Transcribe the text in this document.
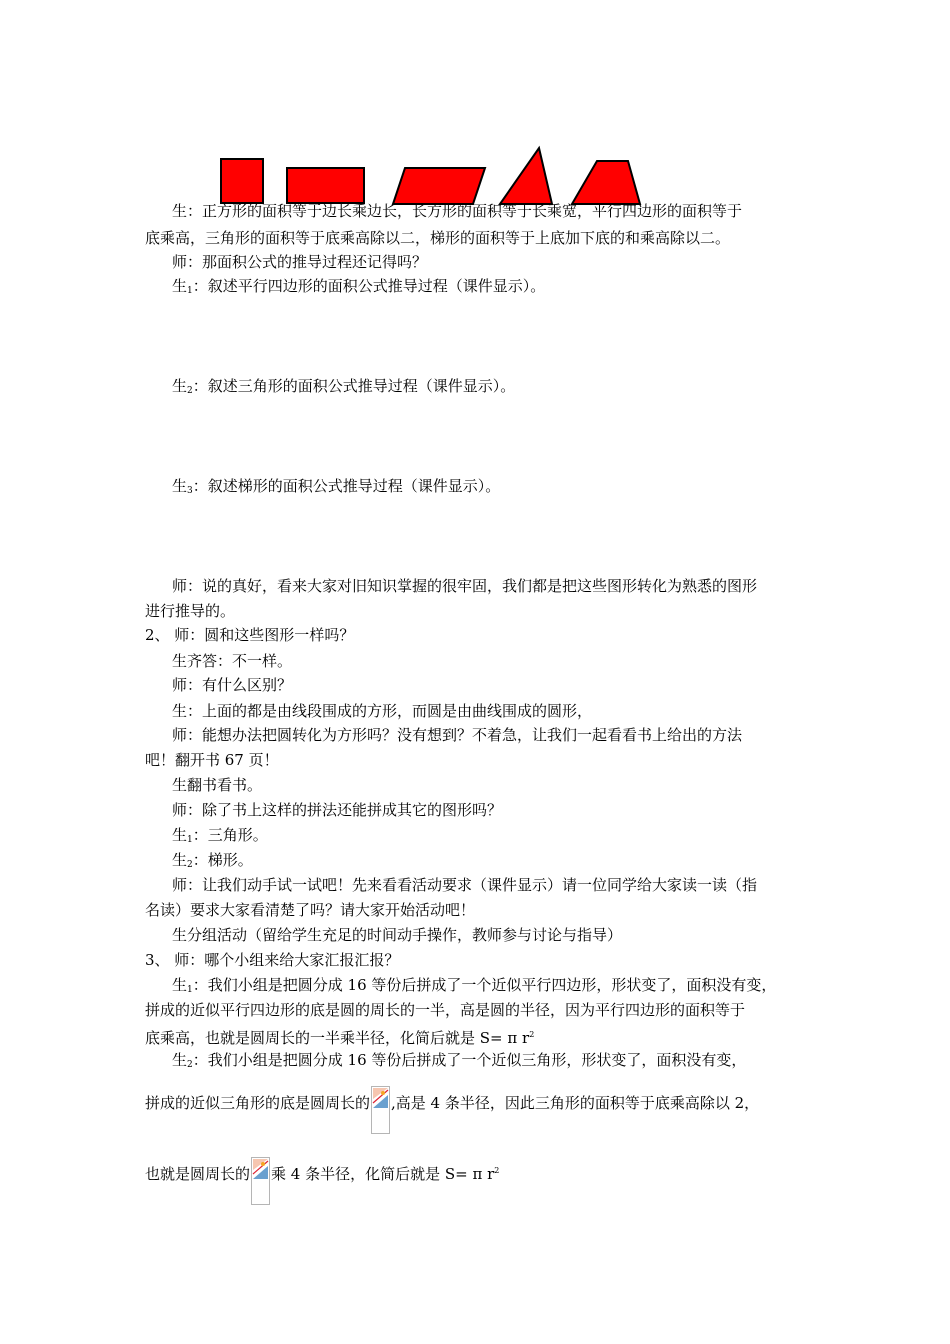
生：正方形的面积等于边长乘边长，长方形的面积等于长乘宽，平行四边形的面积等于
底乘高，三角形的面积等于底乘高除以二，梯形的面积等于上底加下底的和乘高除以二。
师：那面积公式的推导过程还记得吗？
生$_1$：叙述平行四边形的面积公式推导过程（课件显示）。
生$_2$：叙述三角形的面积公式推导过程（课件显示）。
生$_3$：叙述梯形的面积公式推导过程（课件显示）。
师：说的真好，看来大家对旧知识掌握的很牢固，我们都是把这些图形转化为熟悉的图形
进行推导的。
2、 师：圆和这些图形一样吗？
生齐答：不一样。
师：有什么区别？
生：上面的都是由线段围成的方形，而圆是由曲线围成的圆形，
师：能想办法把圆转化为方形吗？没有想到？不着急，让我们一起看看书上给出的方法
吧！翻开书 67 页！
生翻书看书。
师：除了书上这样的拼法还能拼成其它的图形吗？
生$_1$：三角形。
生$_2$：梯形。
师：让我们动手试一试吧！先来看看活动要求（课件显示）请一位同学给大家读一读（指
名读）要求大家看清楚了吗？请大家开始活动吧！
生分组活动（留给学生充足的时间动手操作，教师参与讨论与指导）
3、 师：哪个小组来给大家汇报汇报？
生$_1$：我们小组是把圆分成 16 等份后拼成了一个近似平行四边形，形状变了，面积没有变，
拼成的近似平行四边形的底是圆的周长的一半，高是圆的半径，因为平行四边形的面积等于
底乘高，也就是圆周长的一半乘半径，化简后就是 S= π $r^2$
生$_2$：我们小组是把圆分成 16 等份后拼成了一个近似三角形，形状变了，面积没有变，
拼成的近似三角形的底是圆周长的 ,高是 4 条半径，因此三角形的面积等于底乘高除以 2，
也就是圆周长的 乘 4 条半径，化简后就是 S= π $r^2$
